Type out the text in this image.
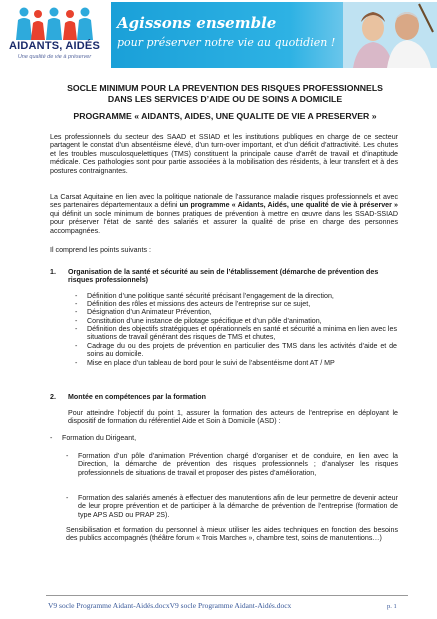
AIDANTS, AIDÉS
Une qualité de vie à préserver
Agissons ensemble
pour préserver notre vie au quotidien !
SOCLE MINIMUM POUR LA PREVENTION DES RISQUES PROFESSIONNELS
DANS LES SERVICES D’AIDE OU DE SOINS A DOMICILE
PROGRAMME « AIDANTS, AIDES, UNE QUALITE DE VIE A PRESERVER »

Les professionnels du secteur des SAAD et SSIAD et les institutions publiques en charge de ce secteur partagent le constat d’un absentéisme élevé, d’un turn-over important, et d’un déficit d’attractivité. Les chutes et les troubles musculosquelettiques (TMS) constituent la principale cause d’arrêt de travail et d’inaptitude médicale. Ces pathologies sont pour partie associées à la mobilisation des résidents, à leur transfert et à des postures contraignantes.

La Carsat Aquitaine en lien avec la politique nationale de l’assurance maladie risques professionnels et avec ses partenaires départementaux a défini un programme « Aidants, Aidés, une qualité de vie à préserver » qui définit un socle minimum de bonnes pratiques de prévention à mettre en œuvre dans les SSAD-SSIAD pour préserver l’état de santé des salariés et assurer la qualité de prise en charge des personnes accompagnées.

Il comprend les points suivants :
1. Organisation de la santé et sécurité au sein de l’établissement (démarche de prévention des risques professionnels)
- Définition d’une politique santé sécurité précisant l’engagement de la direction,
- Définition des rôles et missions des acteurs de l’entreprise sur ce sujet,
- Désignation d’un Animateur Prévention,
- Constitution d’une instance de pilotage spécifique et d’un pôle d’animation,
- Définition des objectifs stratégiques et opérationnels en santé et sécurité a minima en lien avec les situations de travail générant des risques de TMS et chutes,
- Cadrage du ou des projets de prévention en particulier des TMS dans les activités d’aide et de soins au domicile.
- Mise en place d’un tableau de bord pour le suivi de l’absentéisme dont AT / MP
2. Montée en compétences par la formation

Pour atteindre l’objectif du point 1, assurer la formation des acteurs de l’entreprise en déployant le dispositif de formation du référentiel Aide et Soin à Domicile (ASD) :

- Formation du Dirigeant,
- Formation d’un pôle d’animation Prévention chargé d’organiser et de conduire, en lien avec la Direction, la démarche de prévention des risques professionnels ; d’analyser les risques professionnels de situations de travail et proposer des pistes d’amélioration,
- Formation des salariés amenés à effectuer des manutentions afin de leur permettre de devenir acteur de leur propre prévention et de participer à la démarche de prévention de l’entreprise (formation de type APS ASD ou PRAP 2S).

Sensibilisation et formation du personnel à mieux utiliser les aides techniques en fonction des besoins des publics accompagnés (théâtre forum « Trois Marches », chambre test, soins de manutentions…)

V9 socle Programme Aidant-Aidés.docxV9 socle Programme Aidant-Aidés.docx	p. 1
